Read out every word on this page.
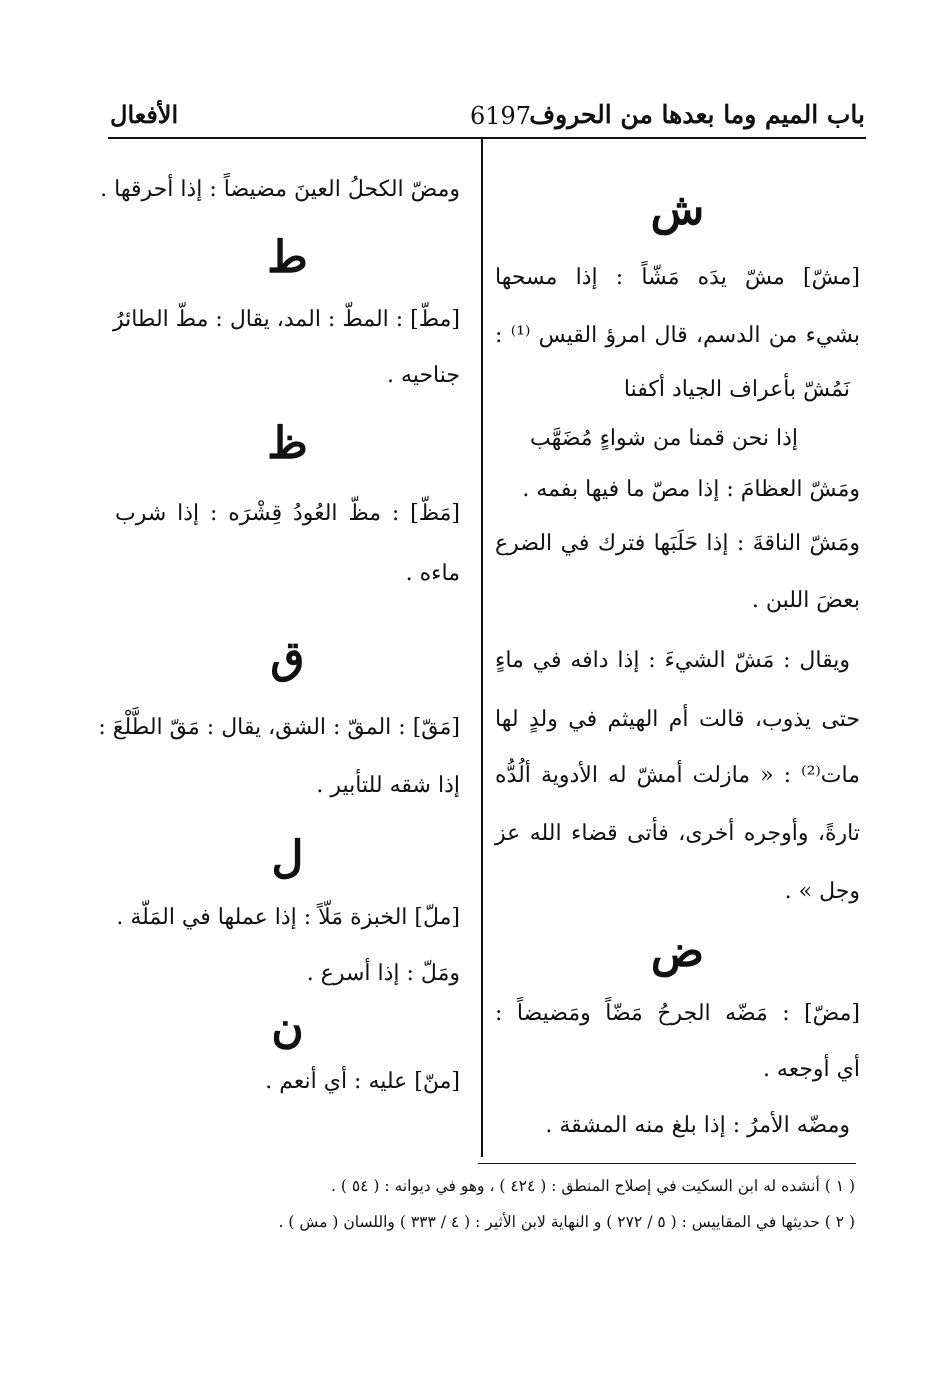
باب الميم وما بعدها من الحروف
6197
الأفعال
ش

[مشّ] مشّ يدَه مَشّاً : إذا مسحها

بشيء من الدسم، قال امرؤ القيس ⁽¹⁾ :

نَمُشّ بأعراف الجياد أكفنا

إذا نحن قمنا من شواءٍ مُضَهَّب

ومَشّ العظامَ : إذا مصّ ما فيها بفمه .

ومَشّ الناقةَ : إذا حَلَبَها فترك في الضرع

بعضَ اللبن .

ويقال : مَشّ الشيءَ : إذا دافه في ماءٍ

حتى يذوب، قالت أم الهيثم في ولدٍ لها

مات⁽²⁾ : « مازلت أمشّ له الأدوية ألُدُّه

تارةً، وأوجره أخرى، فأتى قضاء الله عز

وجل » .

ض

[مضّ] : مَضّه الجرحُ مَضّاً ومَضيضاً :

أي أوجعه .

ومضّه الأمرُ : إذا بلغ منه المشقة .

ومضّ الكحلُ العينَ مضيضاً : إذا أحرقها .

ط

[مطّ] : المطّ : المد، يقال : مطّ الطائرُ

جناحيه .

ظ

[مَظّ] : مظّ العُودُ قِشْرَه : إذا شرب

ماءه .

ق

[مَقّ] : المقّ : الشق، يقال : مَقّ الطَّلْعَ :

إذا شقه للتأبير .

ل

[ملّ] الخبزة مَلّاً : إذا عملها في المَلّة .

ومَلّ : إذا أسرع .

ن

[منّ] عليه : أي أنعم .

( ١ ) أنشده له ابن السكيت في إصلاح المنطق : ( ٤٢٤ ) ، وهو في ديوانه : ( ٥٤ ) .
( ٢ ) حديثها في المقاييس : ( ٥ / ٢٧٢ ) و النهاية لابن الأثير : ( ٤ / ٣٣٣ ) واللسان ( مش ) .
